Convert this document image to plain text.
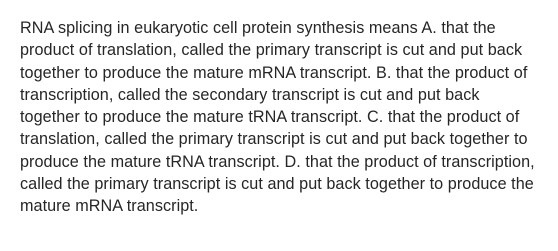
RNA splicing in eukaryotic cell protein synthesis means A. that the product of translation, called the primary transcript is cut and put back together to produce the mature mRNA transcript. B. that the product of transcription, called the secondary transcript is cut and put back together to produce the mature tRNA transcript. C. that the product of translation, called the primary transcript is cut and put back together to produce the mature tRNA transcript. D. that the product of transcription, called the primary transcript is cut and put back together to produce the mature mRNA transcript.
